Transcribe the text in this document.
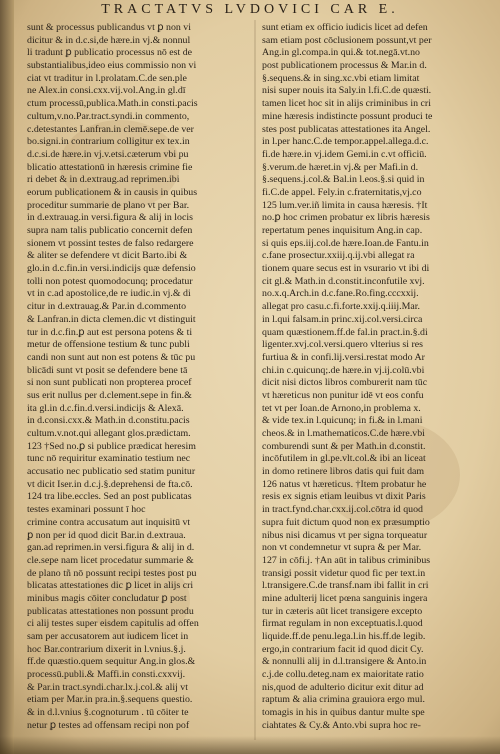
TRACTATVS LVDOVICI CAR E.
sunt & processus publicandus vt ꝑ non vi
dicitur & in d.c.si,de hære.in vj.& nonnul
li tradunt ꝑ publicatio processus nō est de
substantialibus,ideo eius commissio non vi
ciat vt traditur in l.prolatam.C.de sen.ple
ne Alex.in consi.cxx.vij.vol.Ang.in gl.dī
ctum processū,publica.Math.in consti.pacis
cultum,v.no.Par.tract.syndi.in commento,
c.detestantes Lanfran.in clemē.sepe.de ver
bo.signi.in contrarium colligitur ex tex.in
d.c.si.de hære.in vj.v.etsi.cæterum vbi pu
blicatio attestationū in hæresis crimine fie
ri debet & in d.extraug.ad reprimen.ibi
eorum publicationem & in causis in quibus
proceditur summarie de plano vt per Bar.
in d.extrauag.in versi.figura & alij in locis
supra nam talis publicatio concernit defen
sionem vt possint testes de falso redargere
& aliter se defendere vt dicit Barto.ibi &
glo.in d.c.fin.in versi.indicijs quæ defensio
tolli non potest quomodocunq; procedatur
vt in c.ad apostolice,de re iudic.in vj.& di
citur in d.extrauag.& Par.in d.commento
& Lanfran.in dicta clemen.dic vt distinguit
tur in d.c.fin.ꝑ aut est persona potens & ti
metur de offensione testium & tunc publi
candi non sunt aut non est potens & tūc pu
blicādi sunt vt posit se defendere bene tā
si non sunt publicati non propterea procef
sus erit nullus per d.clement.sepe in fin.&
ita gl.in d.c.fin.d.versi.indicijs & Alexā.
in d.consi.cxx.& Math.in d.constitu.pacis
cultum.v.not.qui allegant glos.prædictam.
123 †Sed no.ꝑ si publice prædicat heresim
tunc nō requiritur examinatio testium nec
accusatio nec publicatio sed statim punitur
vt dicit Iser.in d.c.j.§.deprehensi de fta.cō.
124 tra libe.eccles. Sed an post publicatas
testes examinari possunt ī hoc
crimine contra accusatum aut inquisitū vt
ꝑ non per id quod dicit Bar.in d.extraua.
gan.ad reprimen.in versi.figura & alij in d.
cle.sepe nam licet procedatur summarie &
de plano tñ nō possunt recipi testes post pu
blicatas attestationes dic ꝑ licet in alijs cri
minibus magis cōiter concludatur ꝑ post
publicatas attestationes non possunt produ
ci alij testes super eisdem capitulis ad offen
sam per accusatorem aut iudicem licet in
hoc Bar.contrarium dixerit in l.vnius.§.j.
ff.de quæstio.quem sequitur Ang.in glos.&
processū.publi.& Maffi.in consti.cxxvij.
& Par.in tract.syndi.char.lx.j.col.& alij vt
etiam per Mar.in pra.in.§.sequens questio.
& in d.l.vnius §.cognoturum . tū cōiter te
netur ꝑ testes ad offensam recipi non pof
sunt etiam ex officio iudicis licet ad defen
sam etiam post cōclusionem possunt,vt per
Ang.in gl.compa.in qui.& tot.negā.vt.no
post publicationem processus & Mar.in d.
§.sequens.& in sing.xc.vbi etiam limitat
nisi super nouis ita Saly.in l.fi.C.de quæsti.
tamen licet hoc sit in alijs criminibus in cri
mine hæresis indistincte possunt produci te
stes post publicatas attestationes ita Angel.
in l.per hanc.C.de tempor.appel.allega.d.c.
fi.de hære.in vj.idem Gemi.in c.vt officiū.
§.verum.de hæret.in vj.& per Mafi.in d.
§.sequens.j.col.& Bal.in l.eos.§.si quid in
fi.C.de appel. Fely.in c.fraternitatis,vj.co
125 lum.ver.iñ limita in causa hæresis. †It
no.ꝑ hoc crimen probatur ex libris hæresis
repertatum penes inquisitum Ang.in cap.
si quis eps.iij.col.de hære.Ioan.de Fantu.in
c.fane prosectur.xxiij.q.ij.vbi allegat ra
tionem quare secus est in vsurario vt ibi di
cit gl.& Math.in d.constit.inconfutile xvj.
no.x.q.Arch.in d.c.fane.Ro.fing.cccxxij.
allegat pro casu.c.fi.forte.xxij.q.iiij.Mar.
in l.qui falsam.in princ.xij.col.versi.circa
quam quæstionem.ff.de fal.in pract.in.§.di
ligenter.xvj.col.versi.quero vlterius si res
furtiua & in confi.lij.versi.restat modo Ar
chi.in c.quicunq;.de hære.in vj.ij.colū.vbi
dicit nisi dictos libros comburerit nam tūc
vt hæreticus non punitur idē vt eos confu
tet vt per Ioan.de Arnono,in problema x.
& vide tex.in l.quicunq; in fi.& in l.mani
cheos.& in l.mathematicos.C.de hære.vbi
comburendi sunt & per Math.in d.constit.
incōfutilem in gl.pe.vlt.col.& ibi an liceat
in domo retinere libros datis qui fuit dam
126 natus vt hæreticus. †Item probatur he
resis ex signis etiam leuibus vt dixit Paris
in tract.fynd.char.cxx.ij.col.cōtra id quod
supra fuit dictum quod non ex præsumptio
nibus nisi dicamus vt per signa torqueatur
non vt condemnetur vt supra & per Mar.
127 in cōfi.j. †An aūt in talibus criminibus
transigi possit videtur quod fic per text.in
l.transigere.C.de transf.nam ibi fallit in cri
mine adulterij licet pœna sanguinis ingera
tur in cæteris aūt licet transigere excepto
firmat regulam in non exceptuatis.l.quod
liquide.ff.de penu.lega.l.in his.ff.de legib.
ergo,in contrarium facit id quod dicit Cy.
& nonnulli alij in d.l.transigere & Anto.in
c.j.de collu.deteg.nam ex maioritate ratio
nis,quod de adulterio dicitur exit ditur ad
raptum & alia crimina grauiora ergo mul.
tomagis in his in quibus dantur multe spe
ciahtates & Cy.& Anto.vbi supra hoc re-
